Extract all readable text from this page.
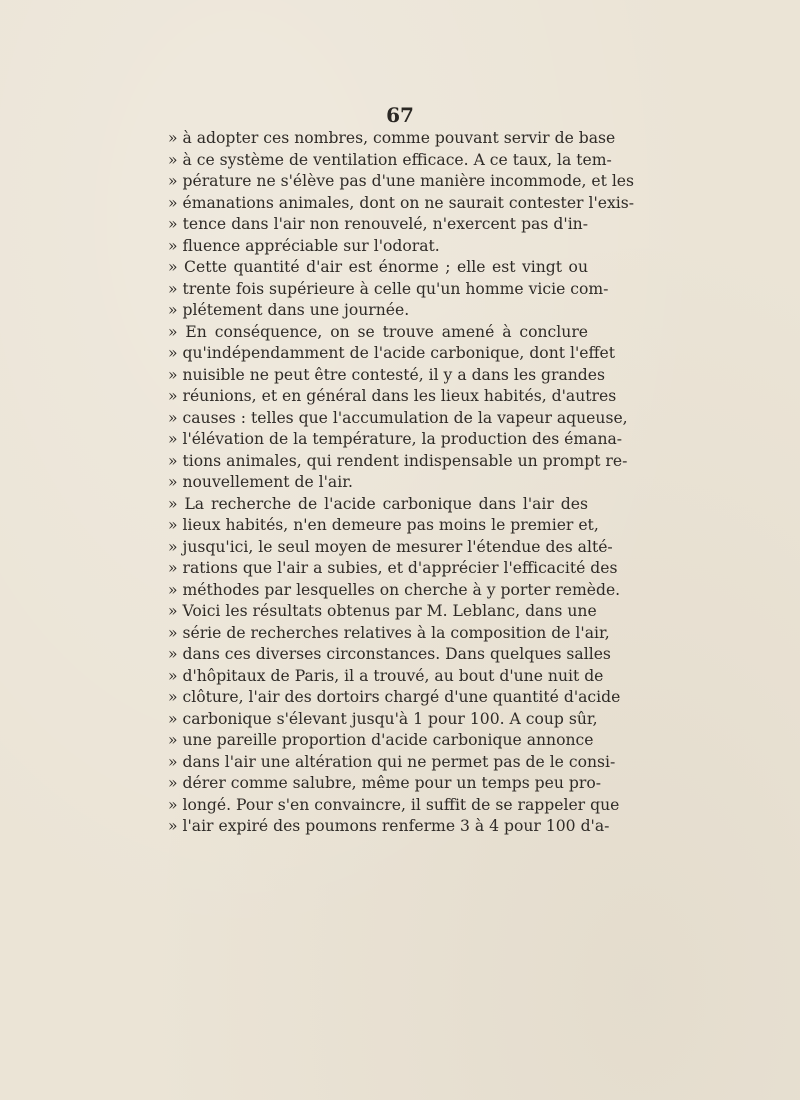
67
» à adopter ces nombres, comme pouvant servir de base
» à ce système de ventilation efficace. A ce taux, la tem-
» pérature ne s'élève pas d'une manière incommode, et les
» émanations animales, dont on ne saurait contester l'exis-
» tence dans l'air non renouvelé, n'exercent pas d'in-
» fluence appréciable sur l'odorat.
» Cette quantité d'air est énorme ; elle est vingt ou
» trente fois supérieure à celle qu'un homme vicie com-
» plétement dans une journée.
» En conséquence, on se trouve amené à conclure
» qu'indépendamment de l'acide carbonique, dont l'effet
» nuisible ne peut être contesté, il y a dans les grandes
» réunions, et en général dans les lieux habités, d'autres
» causes : telles que l'accumulation de la vapeur aqueuse,
» l'élévation de la température, la production des émana-
» tions animales, qui rendent indispensable un prompt re-
» nouvellement de l'air.
» La recherche de l'acide carbonique dans l'air des
» lieux habités, n'en demeure pas moins le premier et,
» jusqu'ici, le seul moyen de mesurer l'étendue des alté-
» rations que l'air a subies, et d'apprécier l'efficacité des
» méthodes par lesquelles on cherche à y porter remède.
» Voici les résultats obtenus par M. Leblanc, dans une
» série de recherches relatives à la composition de l'air,
» dans ces diverses circonstances. Dans quelques salles
» d'hôpitaux de Paris, il a trouvé, au bout d'une nuit de
» clôture, l'air des dortoirs chargé d'une quantité d'acide
» carbonique s'élevant jusqu'à 1 pour 100. A coup sûr,
» une pareille proportion d'acide carbonique annonce
» dans l'air une altération qui ne permet pas de le consi-
» dérer comme salubre, même pour un temps peu pro-
» longé. Pour s'en convaincre, il suffit de se rappeler que
» l'air expiré des poumons renferme 3 à 4 pour 100 d'a-
